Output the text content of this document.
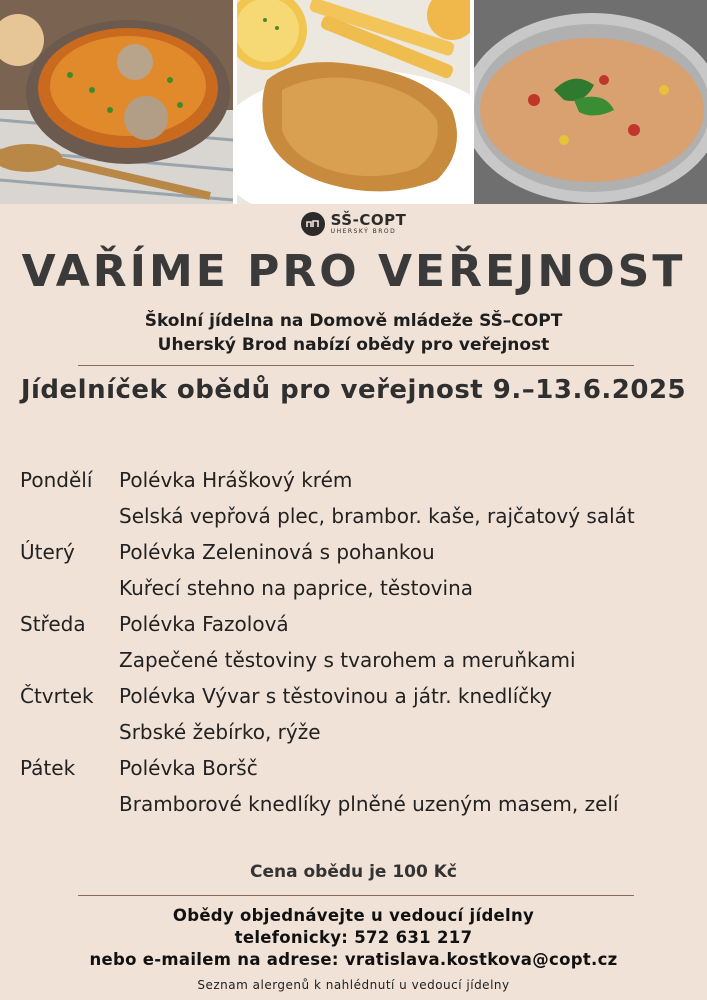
SŠ-COPT
UHERSKÝ BROD
VAŘÍME PRO VEŘEJNOST
Školní jídelna na Domově mládeže SŠ–COPT
Uherský Brod nabízí obědy pro veřejnost
Jídelníček obědů pro veřejnost 9.–13.6.2025
Pondělí	Polévka Hráškový krém
Selská vepřová plec, brambor. kaše, rajčatový salát
Úterý	Polévka Zeleninová s pohankou
Kuřecí stehno na paprice, těstovina
Středa	Polévka Fazolová
Zapečené těstoviny s tvarohem a meruňkami
Čtvrtek	Polévka Vývar s těstovinou a játr. knedlíčky
Srbské žebírko, rýže
Pátek	Polévka Boršč
Bramborové knedlíky plněné uzeným masem, zelí
Cena obědu je 100 Kč
Obědy objednávejte u vedoucí jídelny
telefonicky: 572 631 217
nebo e-mailem na adrese: vratislava.kostkova@copt.cz
Seznam alergenů k nahlédnutí u vedoucí jídelny
